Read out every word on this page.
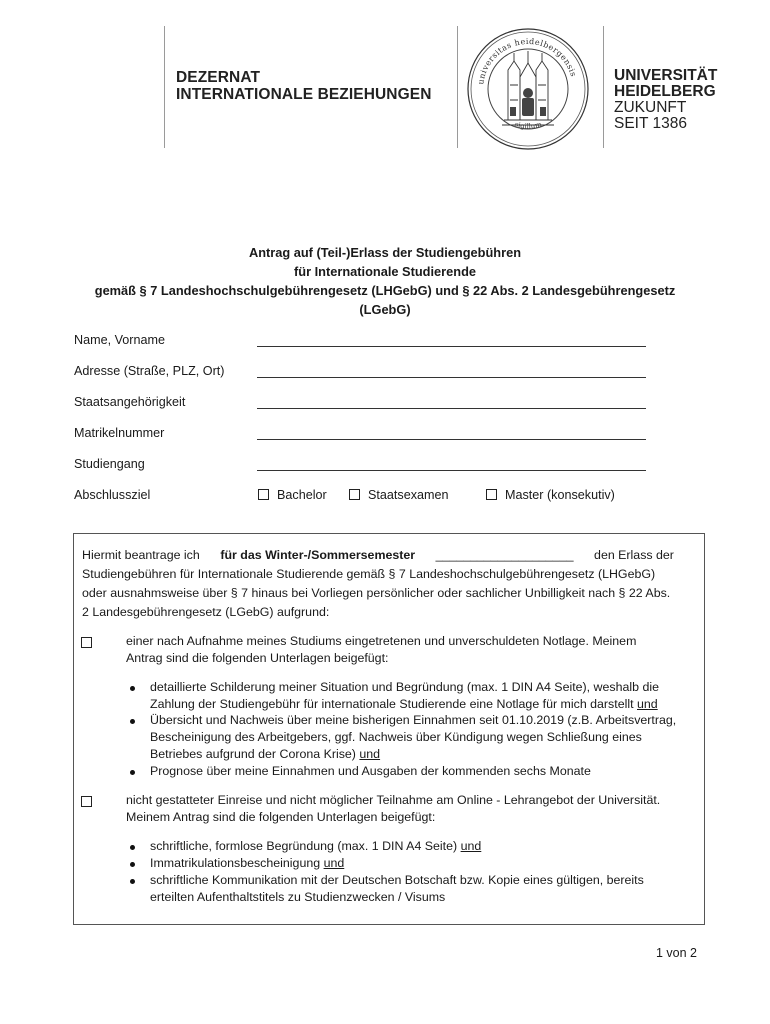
DEZERNAT
INTERNATIONALE BEZIEHUNGEN
universitas heidelbergensis
sigillum
UNIVERSITÄT
HEIDELBERG
ZUKUNFT
SEIT 1386
Antrag auf (Teil-)Erlass der Studiengebühren
für Internationale Studierende
gemäß § 7 Landeshochschulgebührengesetz (LHGebG) und § 22 Abs. 2 Landesgebührengesetz
(LGebG)
Name, Vorname
Adresse (Straße, PLZ, Ort)
Staatsangehörigkeit
Matrikelnummer
Studiengang
Abschlussziel	Bachelor	Staatsexamen	Master (konsekutiv)
Hiermit beantrage ich für das Winter-/Sommersemester ____________________ den Erlass der

Studiengebühren für Internationale Studierende gemäß § 7 Landeshochschulgebührengesetz (LHGebG)
oder ausnahmsweise über § 7 hinaus bei Vorliegen persönlicher oder sachlicher Unbilligkeit nach § 22 Abs.
2 Landesgebührengesetz (LGebG) aufgrund:
einer nach Aufnahme meines Studiums eingetretenen und unverschuldeten Notlage. Meinem
Antrag sind die folgenden Unterlagen beigefügt:
detaillierte Schilderung meiner Situation und Begründung (max. 1 DIN A4 Seite), weshalb die
Zahlung der Studiengebühr für internationale Studierende eine Notlage für mich darstellt und
Übersicht und Nachweis über meine bisherigen Einnahmen seit 01.10.2019 (z.B. Arbeitsvertrag,
Bescheinigung des Arbeitgebers, ggf. Nachweis über Kündigung wegen Schließung eines
Betriebes aufgrund der Corona Krise) und
Prognose über meine Einnahmen und Ausgaben der kommenden sechs Monate
nicht gestatteter Einreise und nicht möglicher Teilnahme am Online - Lehrangebot der Universität.
Meinem Antrag sind die folgenden Unterlagen beigefügt:
schriftliche, formlose Begründung (max. 1 DIN A4 Seite) und
Immatrikulationsbescheinigung und
schriftliche Kommunikation mit der Deutschen Botschaft bzw. Kopie eines gültigen, bereits
erteilten Aufenthaltstitels zu Studienzwecken / Visums
1 von 2
